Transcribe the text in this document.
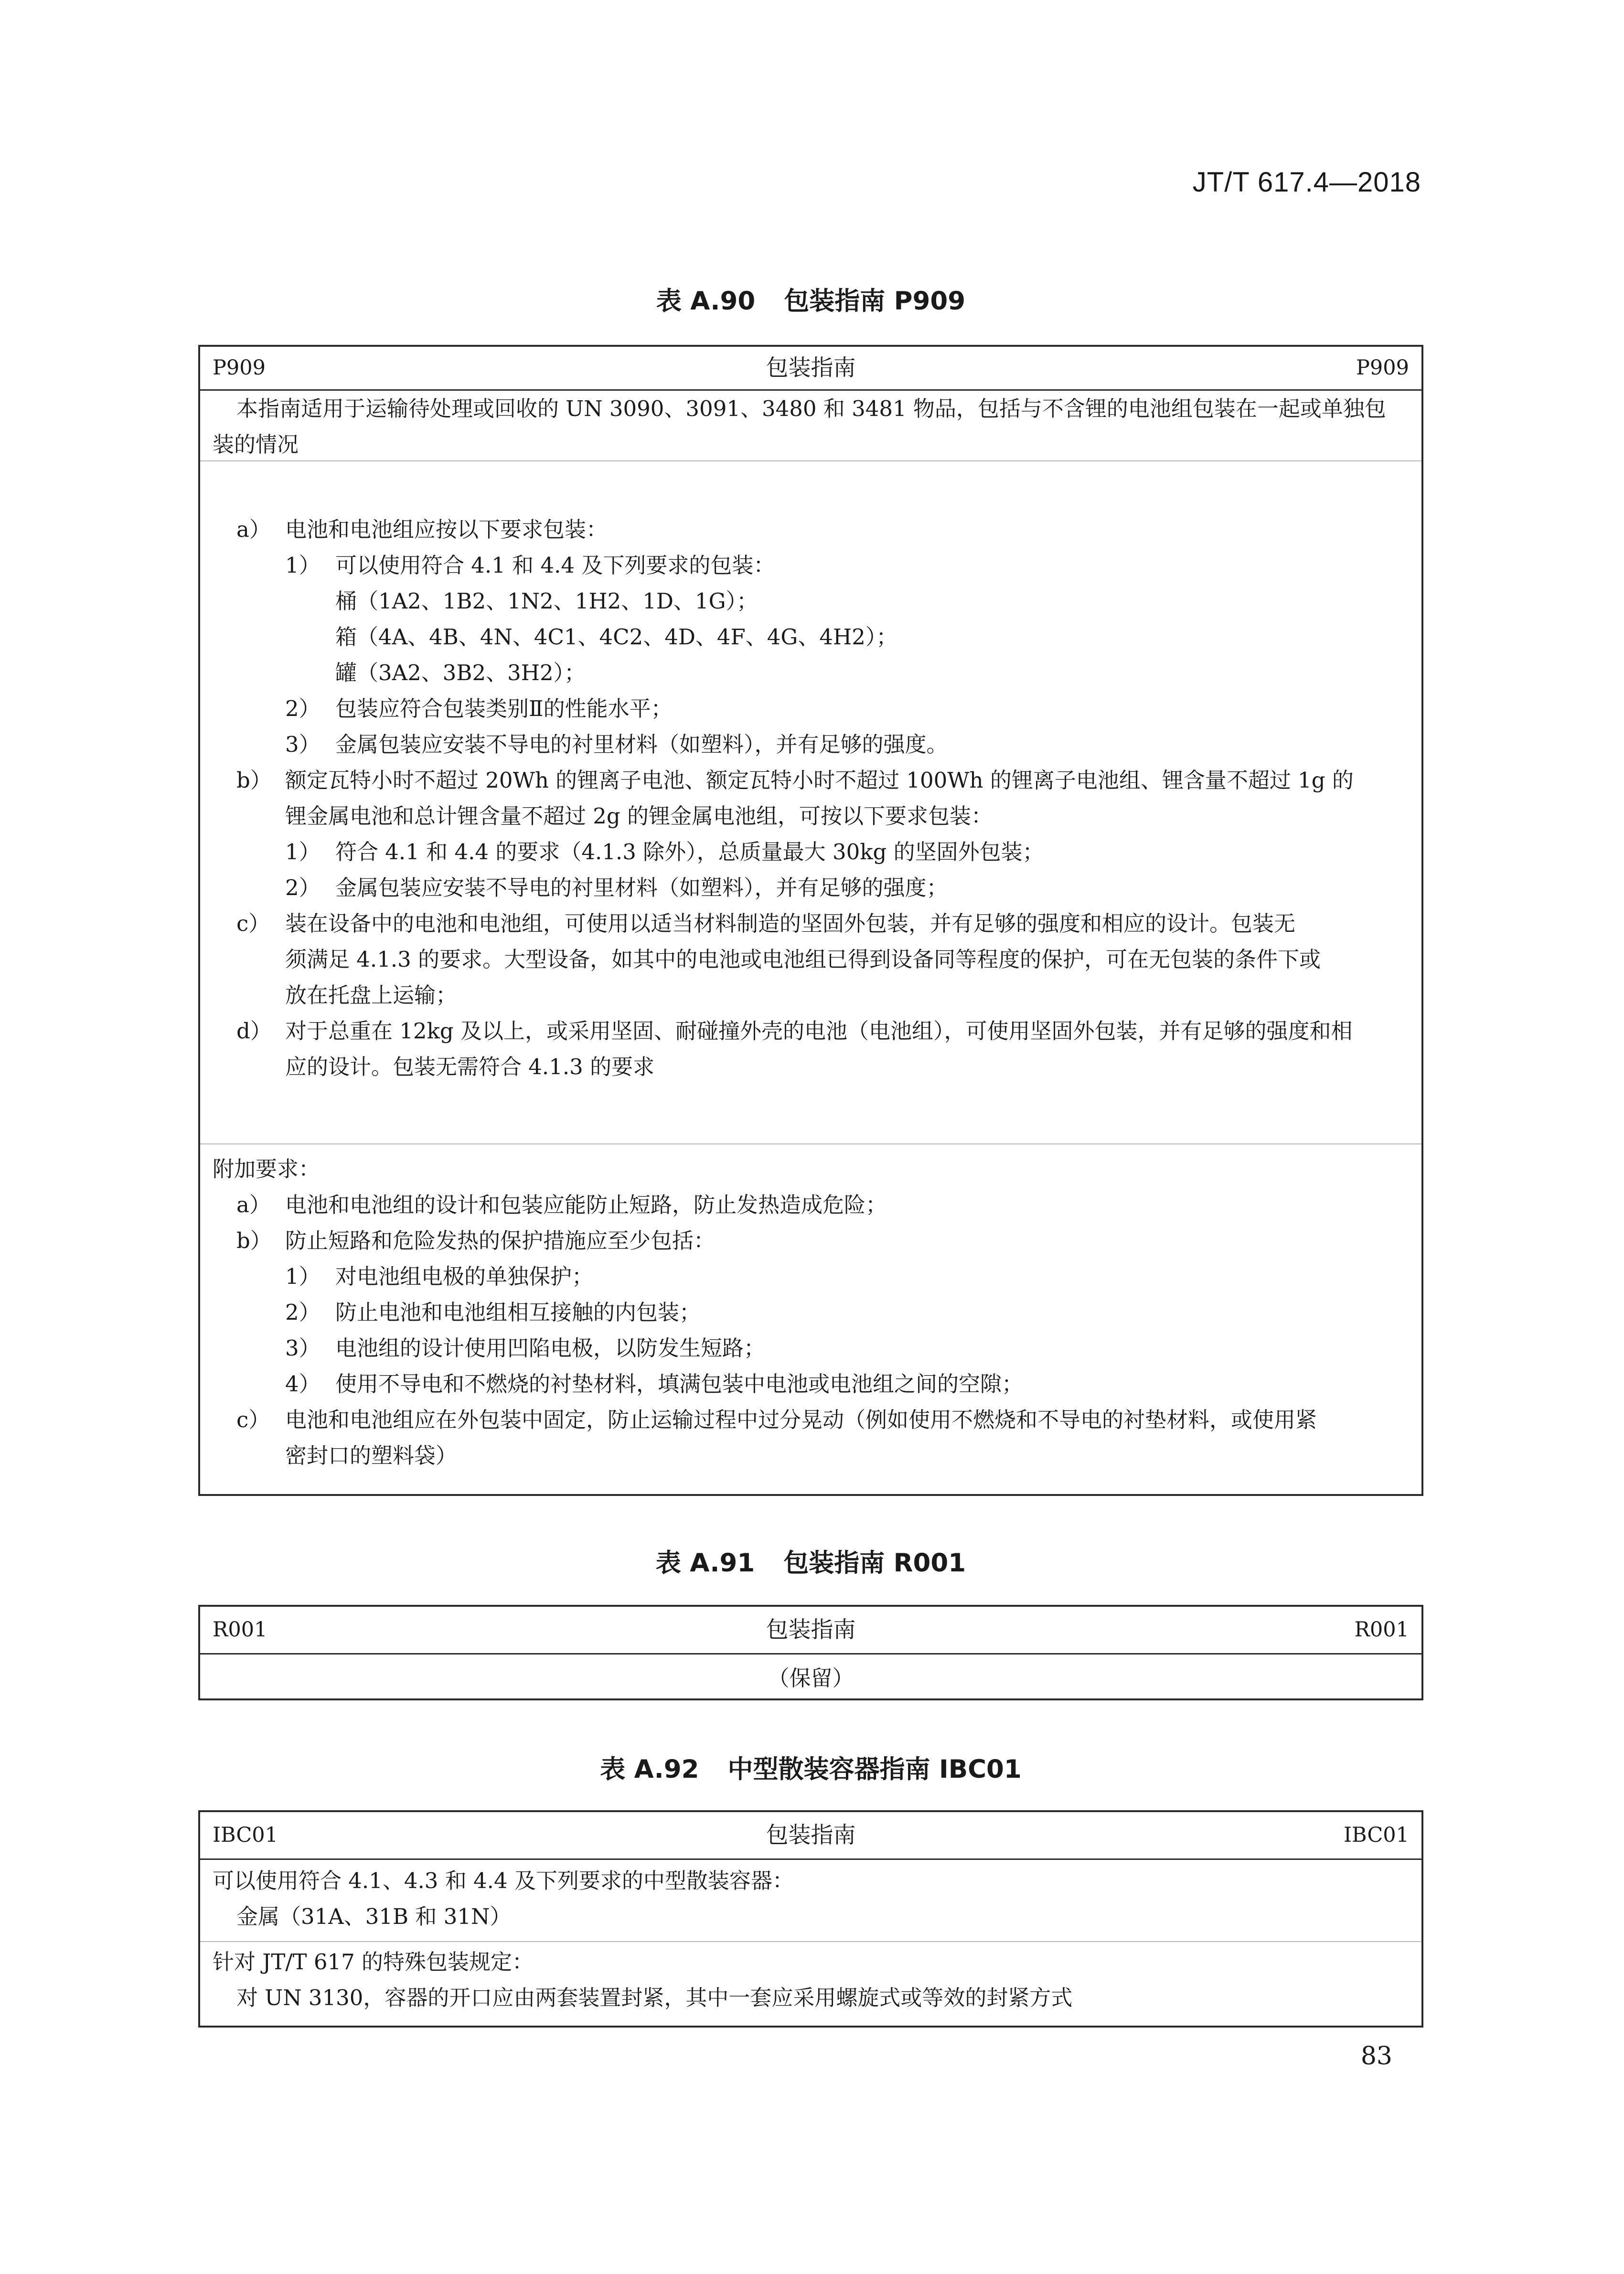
JT/T 617.4—2018
表 A.90 包装指南 P909
P909	包装指南	P909
本指南适用于运输待处理或回收的 UN 3090、3091、3480 和 3481 物品，包括与不含锂的电池组包装在一起或单独包
装的情况
a） 电池和电池组应按以下要求包装：
1） 可以使用符合 4.1 和 4.4 及下列要求的包装：
桶（1A2、1B2、1N2、1H2、1D、1G）；
箱（4A、4B、4N、4C1、4C2、4D、4F、4G、4H2）；
罐（3A2、3B2、3H2）；
2） 包装应符合包装类别Ⅱ的性能水平；
3） 金属包装应安装不导电的衬里材料（如塑料），并有足够的强度。
b） 额定瓦特小时不超过 20Wh 的锂离子电池、额定瓦特小时不超过 100Wh 的锂离子电池组、锂含量不超过 1g 的
锂金属电池和总计锂含量不超过 2g 的锂金属电池组，可按以下要求包装：
1） 符合 4.1 和 4.4 的要求（4.1.3 除外），总质量最大 30kg 的坚固外包装；
2） 金属包装应安装不导电的衬里材料（如塑料），并有足够的强度；
c） 装在设备中的电池和电池组，可使用以适当材料制造的坚固外包装，并有足够的强度和相应的设计。包装无
须满足 4.1.3 的要求。大型设备，如其中的电池或电池组已得到设备同等程度的保护，可在无包装的条件下或
放在托盘上运输；
d） 对于总重在 12kg 及以上，或采用坚固、耐碰撞外壳的电池（电池组），可使用坚固外包装，并有足够的强度和相
应的设计。包装无需符合 4.1.3 的要求
附加要求：
a） 电池和电池组的设计和包装应能防止短路，防止发热造成危险；
b） 防止短路和危险发热的保护措施应至少包括：
1） 对电池组电极的单独保护；
2） 防止电池和电池组相互接触的内包装；
3） 电池组的设计使用凹陷电极，以防发生短路；
4） 使用不导电和不燃烧的衬垫材料，填满包装中电池或电池组之间的空隙；
c） 电池和电池组应在外包装中固定，防止运输过程中过分晃动（例如使用不燃烧和不导电的衬垫材料，或使用紧
密封口的塑料袋）
表 A.91 包装指南 R001
R001	包装指南	R001
（保留）
表 A.92 中型散装容器指南 IBC01
IBC01	包装指南	IBC01
可以使用符合 4.1、4.3 和 4.4 及下列要求的中型散装容器：
金属（31A、31B 和 31N）
针对 JT/T 617 的特殊包装规定：
对 UN 3130，容器的开口应由两套装置封紧，其中一套应采用螺旋式或等效的封紧方式
83
